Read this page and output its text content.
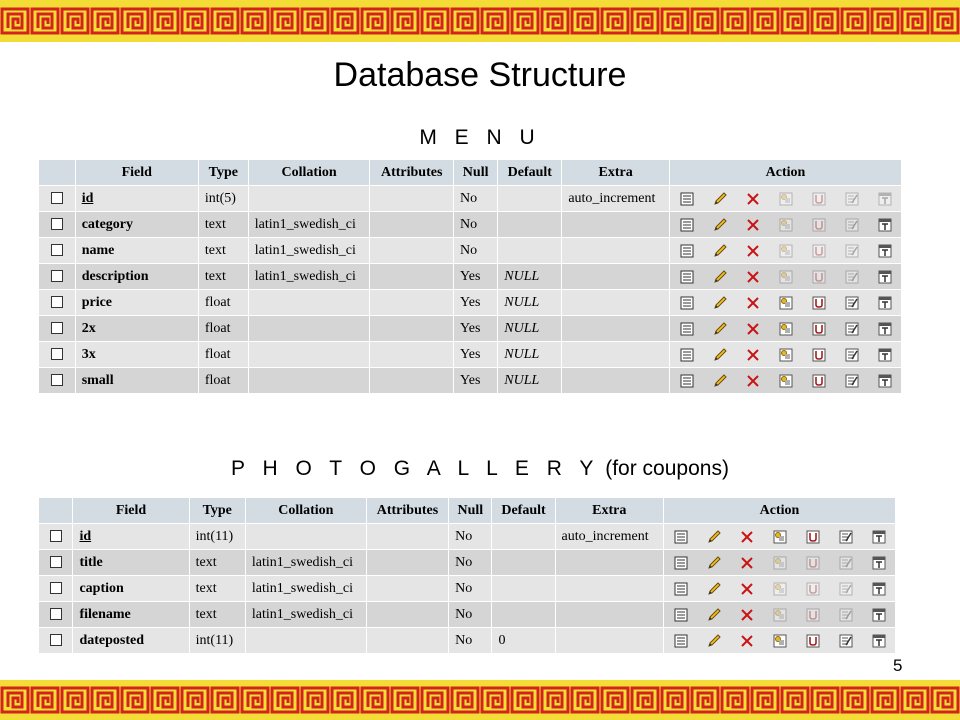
Database Structure
M E N U
	Field	Type	Collation	Attributes	Null	Default	Extra	Action
	id	int(5)			No		auto_increment	

	category	text	latin1_swedish_ci		No			

	name	text	latin1_swedish_ci		No			

	description	text	latin1_swedish_ci		Yes	NULL		

	price	float			Yes	NULL		

	2x	float			Yes	NULL		

	3x	float			Yes	NULL		

	small	float			Yes	NULL		
P H O T O G A L L E R Y (for coupons)
	Field	Type	Collation	Attributes	Null	Default	Extra	Action
	id	int(11)			No		auto_increment	

	title	text	latin1_swedish_ci		No			

	caption	text	latin1_swedish_ci		No			

	filename	text	latin1_swedish_ci		No			

	dateposted	int(11)			No	0		
5
